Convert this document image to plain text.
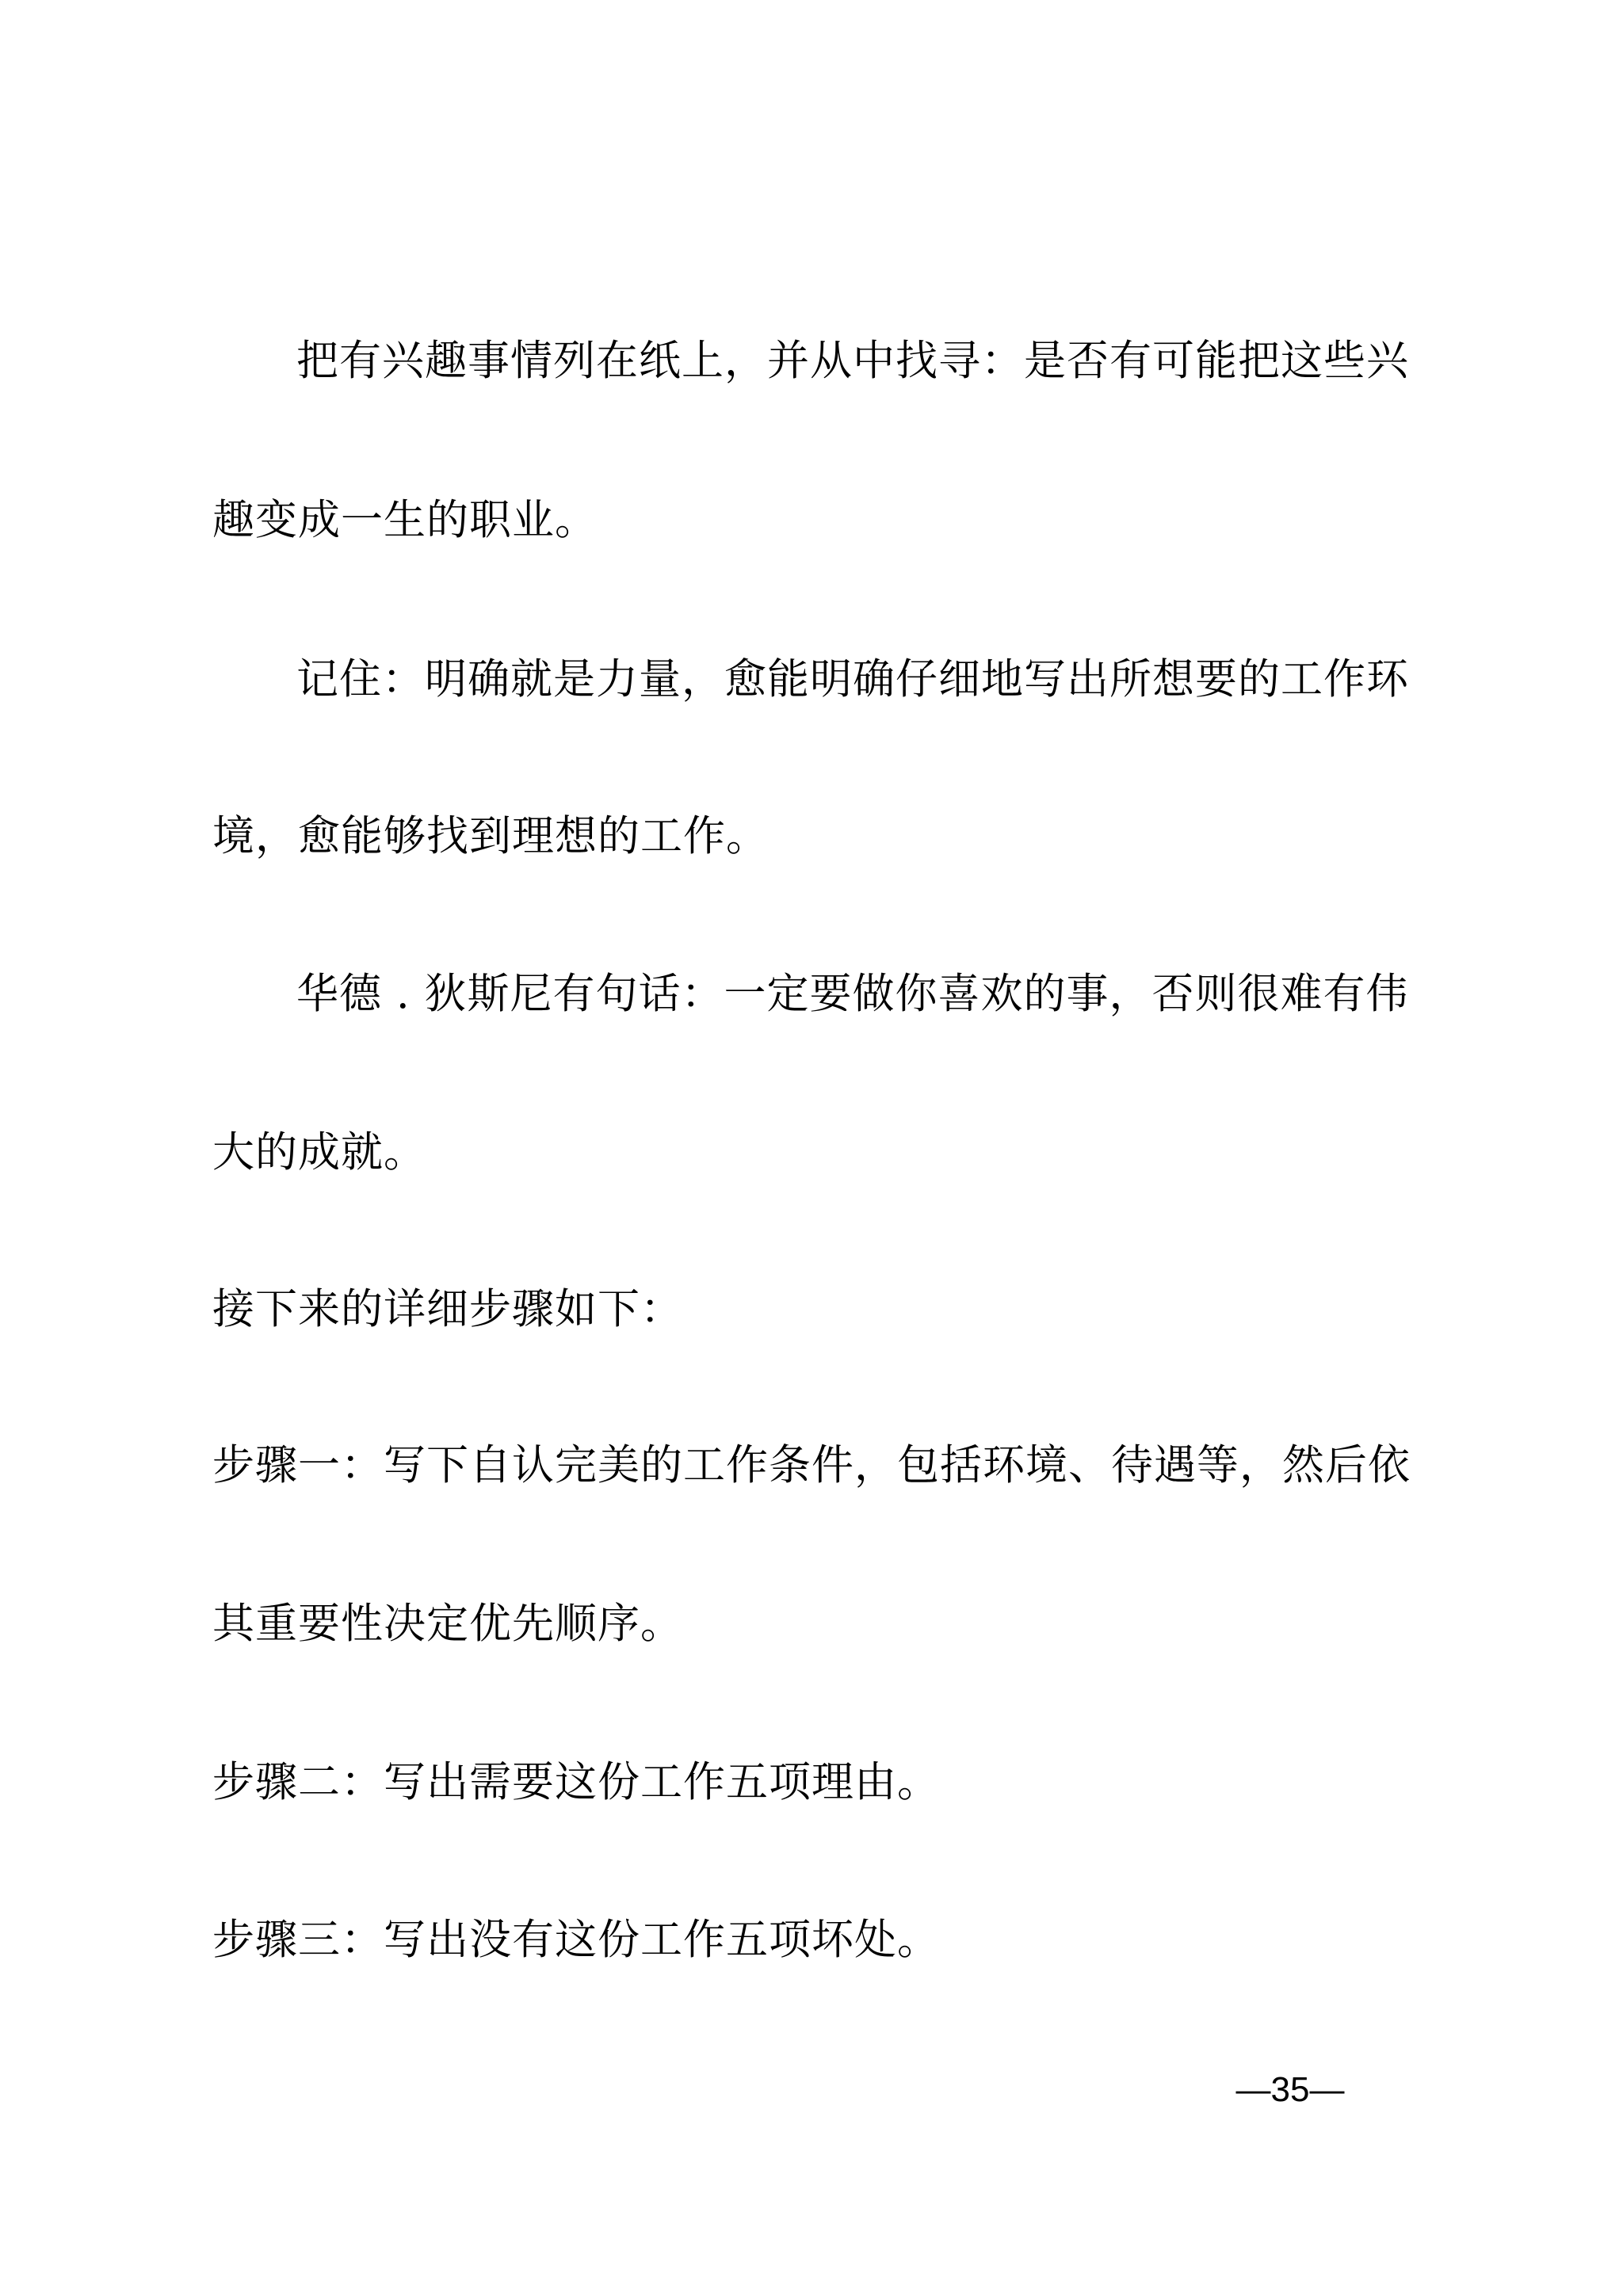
把有兴趣事情列在纸上，并从中找寻：是否有可能把这些兴
趣变成一生的职业。
记住：明确就是力量，愈能明确仔细地写出所想要的工作环
境，愈能够找到理想的工作。
华德 . 狄斯尼有句话：一定要做你喜欢的事，否则很难有伟
大的成就。
接下来的详细步骤如下：
步骤一：写下自认完美的工作条件，包括环境、待遇等，然后依
其重要性决定优先顺序。
步骤二：写出需要这份工作五项理由。
步骤三：写出没有这份工作五项坏处。
—35—
